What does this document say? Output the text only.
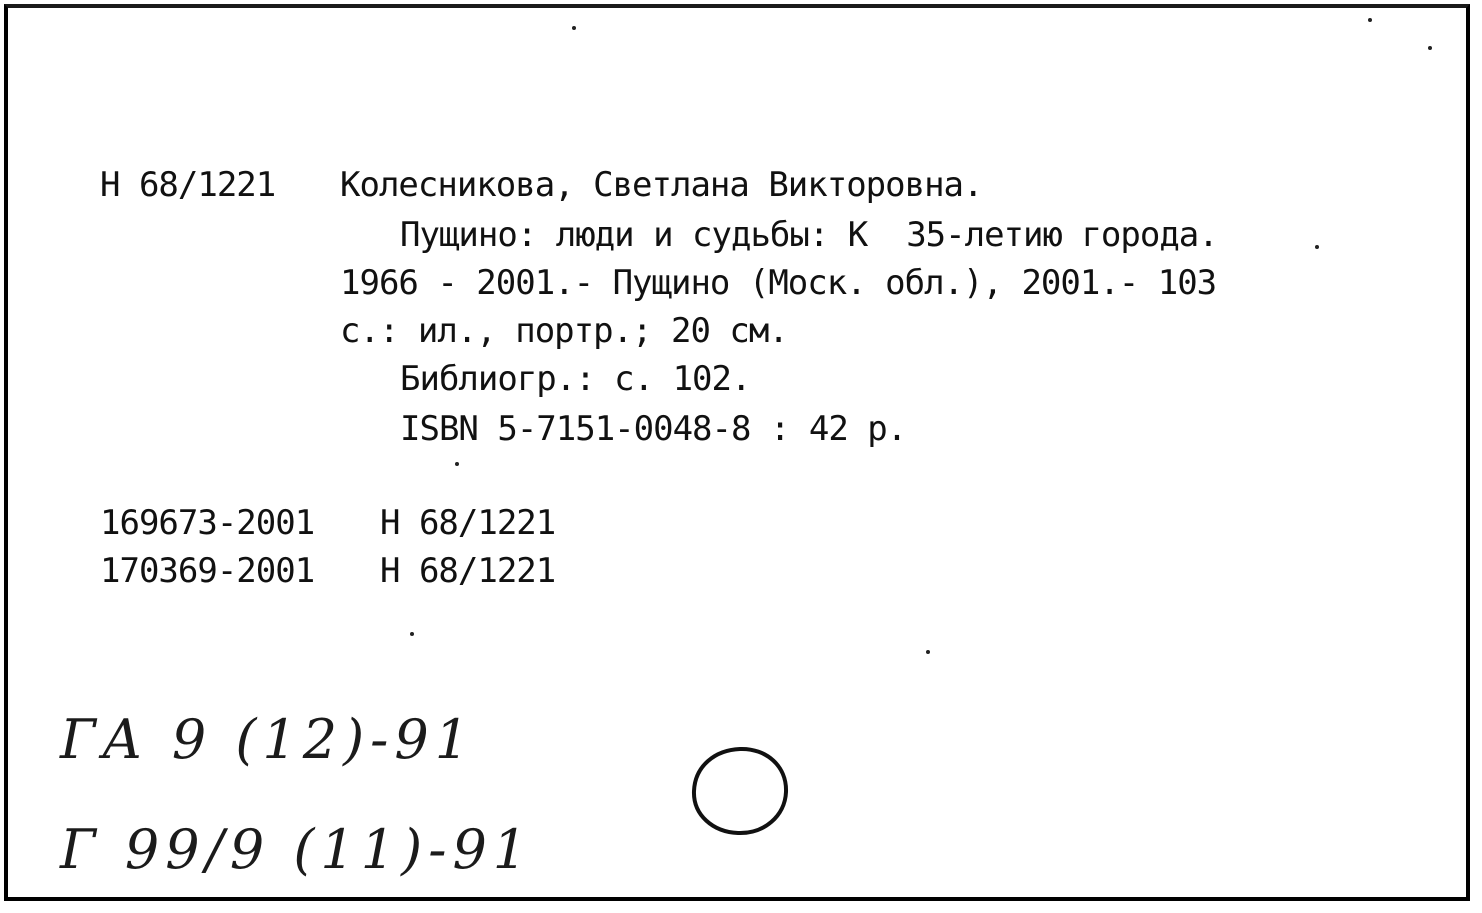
Н 68/1221 Колесникова, Светлана Викторовна.
Пущино: люди и судьбы: К  35-летию города.
1966 - 2001.- Пущино (Моск. обл.), 2001.- 103
с.: ил., портр.; 20 см.
Библиогр.: с. 102.
ISBN 5-7151-0048-8 : 42 р.
169673-2001 Н 68/1221
170369-2001 Н 68/1221
ГА 9 (12)-91
Г 99/9 (11)-91
